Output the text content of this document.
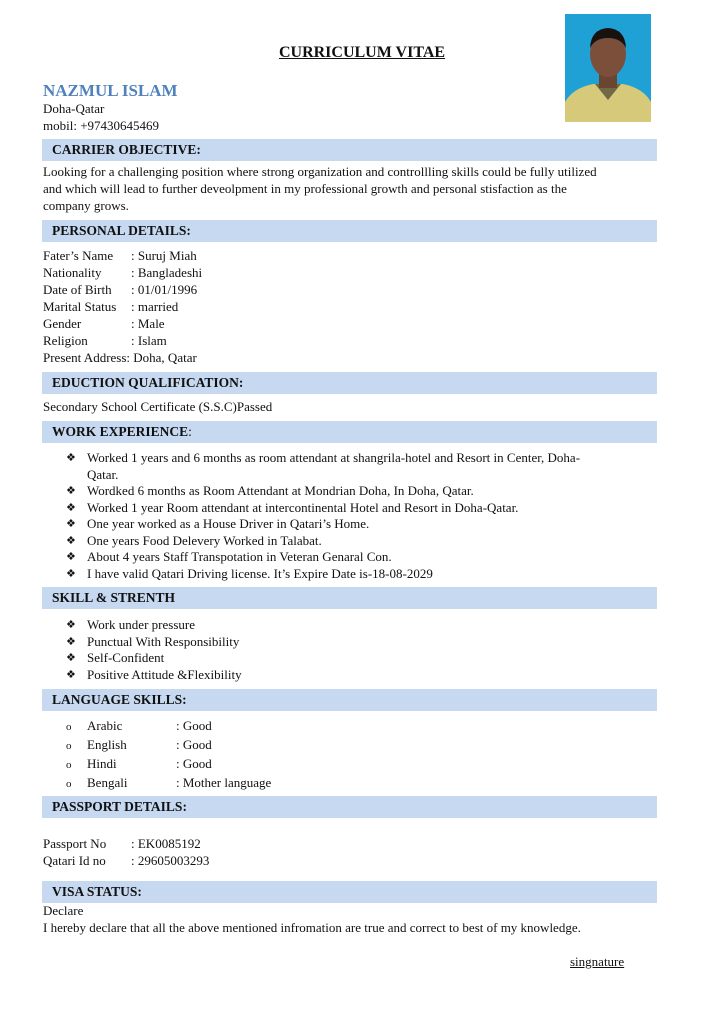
CURRICULUM VITAE
NAZMUL ISLAM
Doha-Qatar
mobil: +97430645469
CARRIER OBJECTIVE:
Looking for a challenging position where strong organization and controllling skills could be fully utilized
and which will lead to further deveolpment in my professional growth and personal stisfaction as the
company grows.
PERSONAL DETAILS:
Fater’s Name : Suruj Miah
Nationality : Bangladeshi
Date of Birth : 01/01/1996
Marital Status : married
Gender	: Male
Religion	: Islam
Present Address: Doha, Qatar
EDUCTION QUALIFICATION:
Secondary School Certificate (S.S.C)Passed
WORK EXPERIENCE:
❖ Worked 1 years and 6 months as room attendant at shangrila-hotel and Resort in Center, Doha-
Qatar.
❖ Wordked 6 months as Room Attendant at Mondrian Doha, In Doha, Qatar.
❖ Worked 1 year Room attendant at intercontinental Hotel and Resort in Doha-Qatar.
❖ One year worked as a House Driver in Qatari’s Home.
❖ One years Food Delevery Worked in Talabat.
❖ About 4 years Staff Transpotation in Veteran Genaral Con.
❖ I have valid Qatari Driving license. It’s Expire Date is-18-08-2029
SKILL & STRENTH
❖ Work under pressure
❖ Punctual With Responsibility
❖ Self-Confident
❖ Positive Attitude &Flexibility
LANGUAGE SKILLS:
o Arabic	: Good
o English	: Good
o Hindi	: Good
o Bengali	: Mother language
PASSPORT DETAILS:
Passport No : EK0085192
Qatari Id no : 29605003293
VISA STATUS:
Declare
I hereby declare that all the above mentioned infromation are true and correct to best of my knowledge.
singnature
